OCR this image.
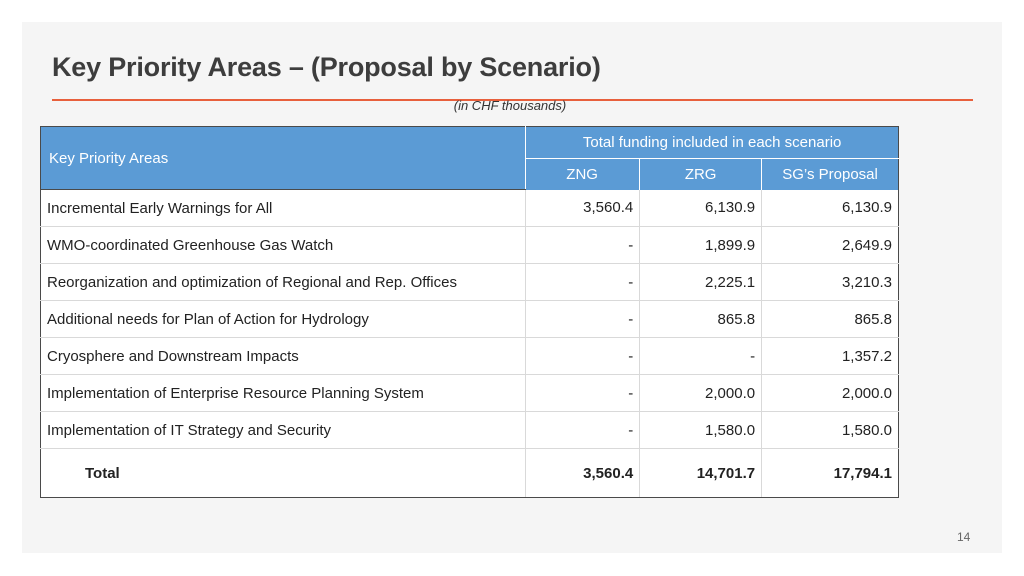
Key Priority Areas – (Proposal by Scenario)
14
(in CHF thousands)
Key Priority Areas	Total funding included in each scenario		
	ZNG	ZRG	SG’s Proposal
Incremental Early Warnings for All	3,560.4	6,130.9	6,130.9
WMO-coordinated Greenhouse Gas Watch	-	1,899.9	2,649.9
Reorganization and optimization of Regional and Rep. Offices	-	2,225.1	3,210.3
Additional needs for Plan of Action for Hydrology	-	865.8	865.8
Cryosphere and Downstream Impacts	-	-	1,357.2
Implementation of Enterprise Resource Planning System	-	2,000.0	2,000.0
Implementation of IT Strategy and Security	-	1,580.0	1,580.0
Total	3,560.4	14,701.7	17,794.1
